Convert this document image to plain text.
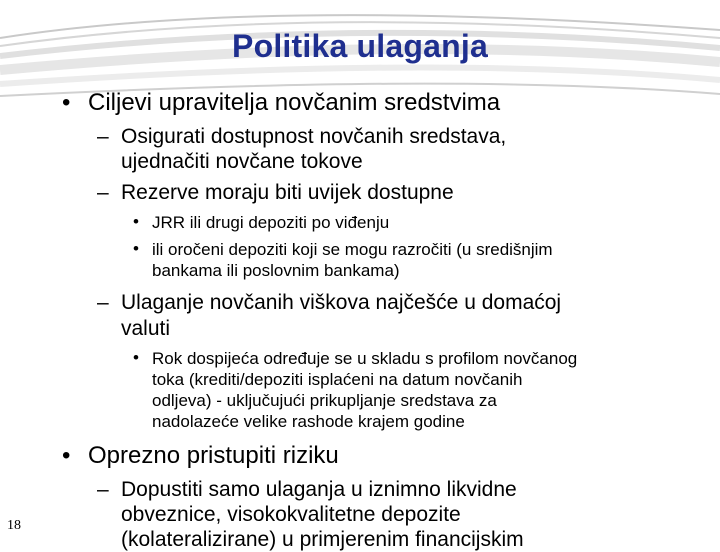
Politika ulaganja
• Ciljevi upravitelja novčanim sredstvima
– Osigurati dostupnost novčanih sredstava,
ujednačiti novčane tokove
– Rezerve moraju biti uvijek dostupne
• JRR ili drugi depoziti po viđenju
• ili oročeni depoziti koji se mogu razročiti (u središnjim
bankama ili poslovnim bankama)
– Ulaganje novčanih viškova najčešće u domaćoj
valuti
• Rok dospijeća određuje se u skladu s profilom novčanog
toka (krediti/depoziti isplaćeni na datum novčanih
odljeva) - uključujući prikupljanje sredstava za
nadolazeće velike rashode krajem godine
• Oprezno pristupiti riziku
– Dopustiti samo ulaganja u iznimno likvidne
obveznice, visokokvalitetne depozite
(kolateralizirane) u primjerenim financijskim
18
